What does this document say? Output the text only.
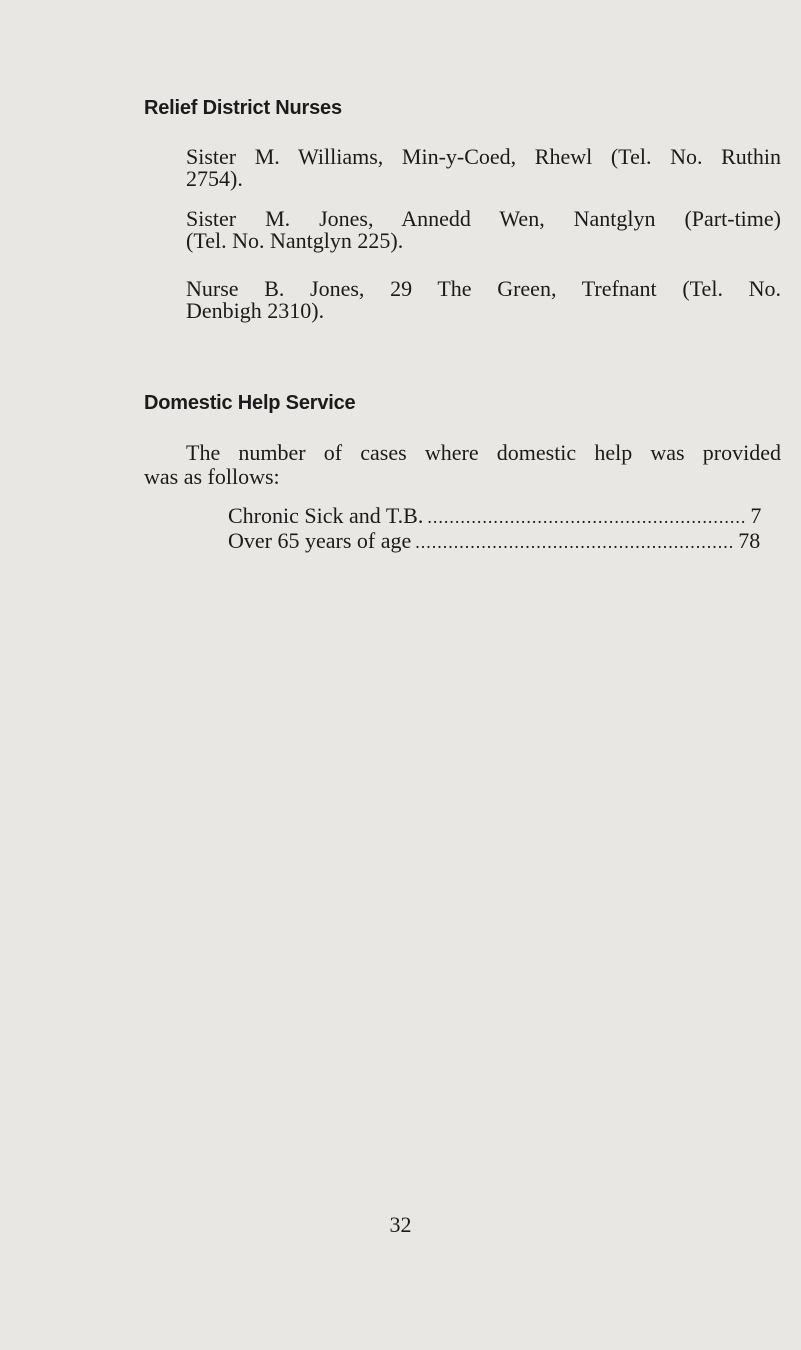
Relief District Nurses
Sister M. Williams, Min-y-Coed, Rhewl (Tel. No. Ruthin
2754).
Sister M. Jones, Annedd Wen, Nantglyn (Part-time)
(Tel. No. Nantglyn 225).
Nurse B. Jones, 29 The Green, Trefnant (Tel. No.
Denbigh 2310).
Domestic Help Service
The number of cases where domestic help was provided
was as follows:
Chronic Sick and T.B. .......................................................... 7
Over 65 years of age .......................................................... 78
32
